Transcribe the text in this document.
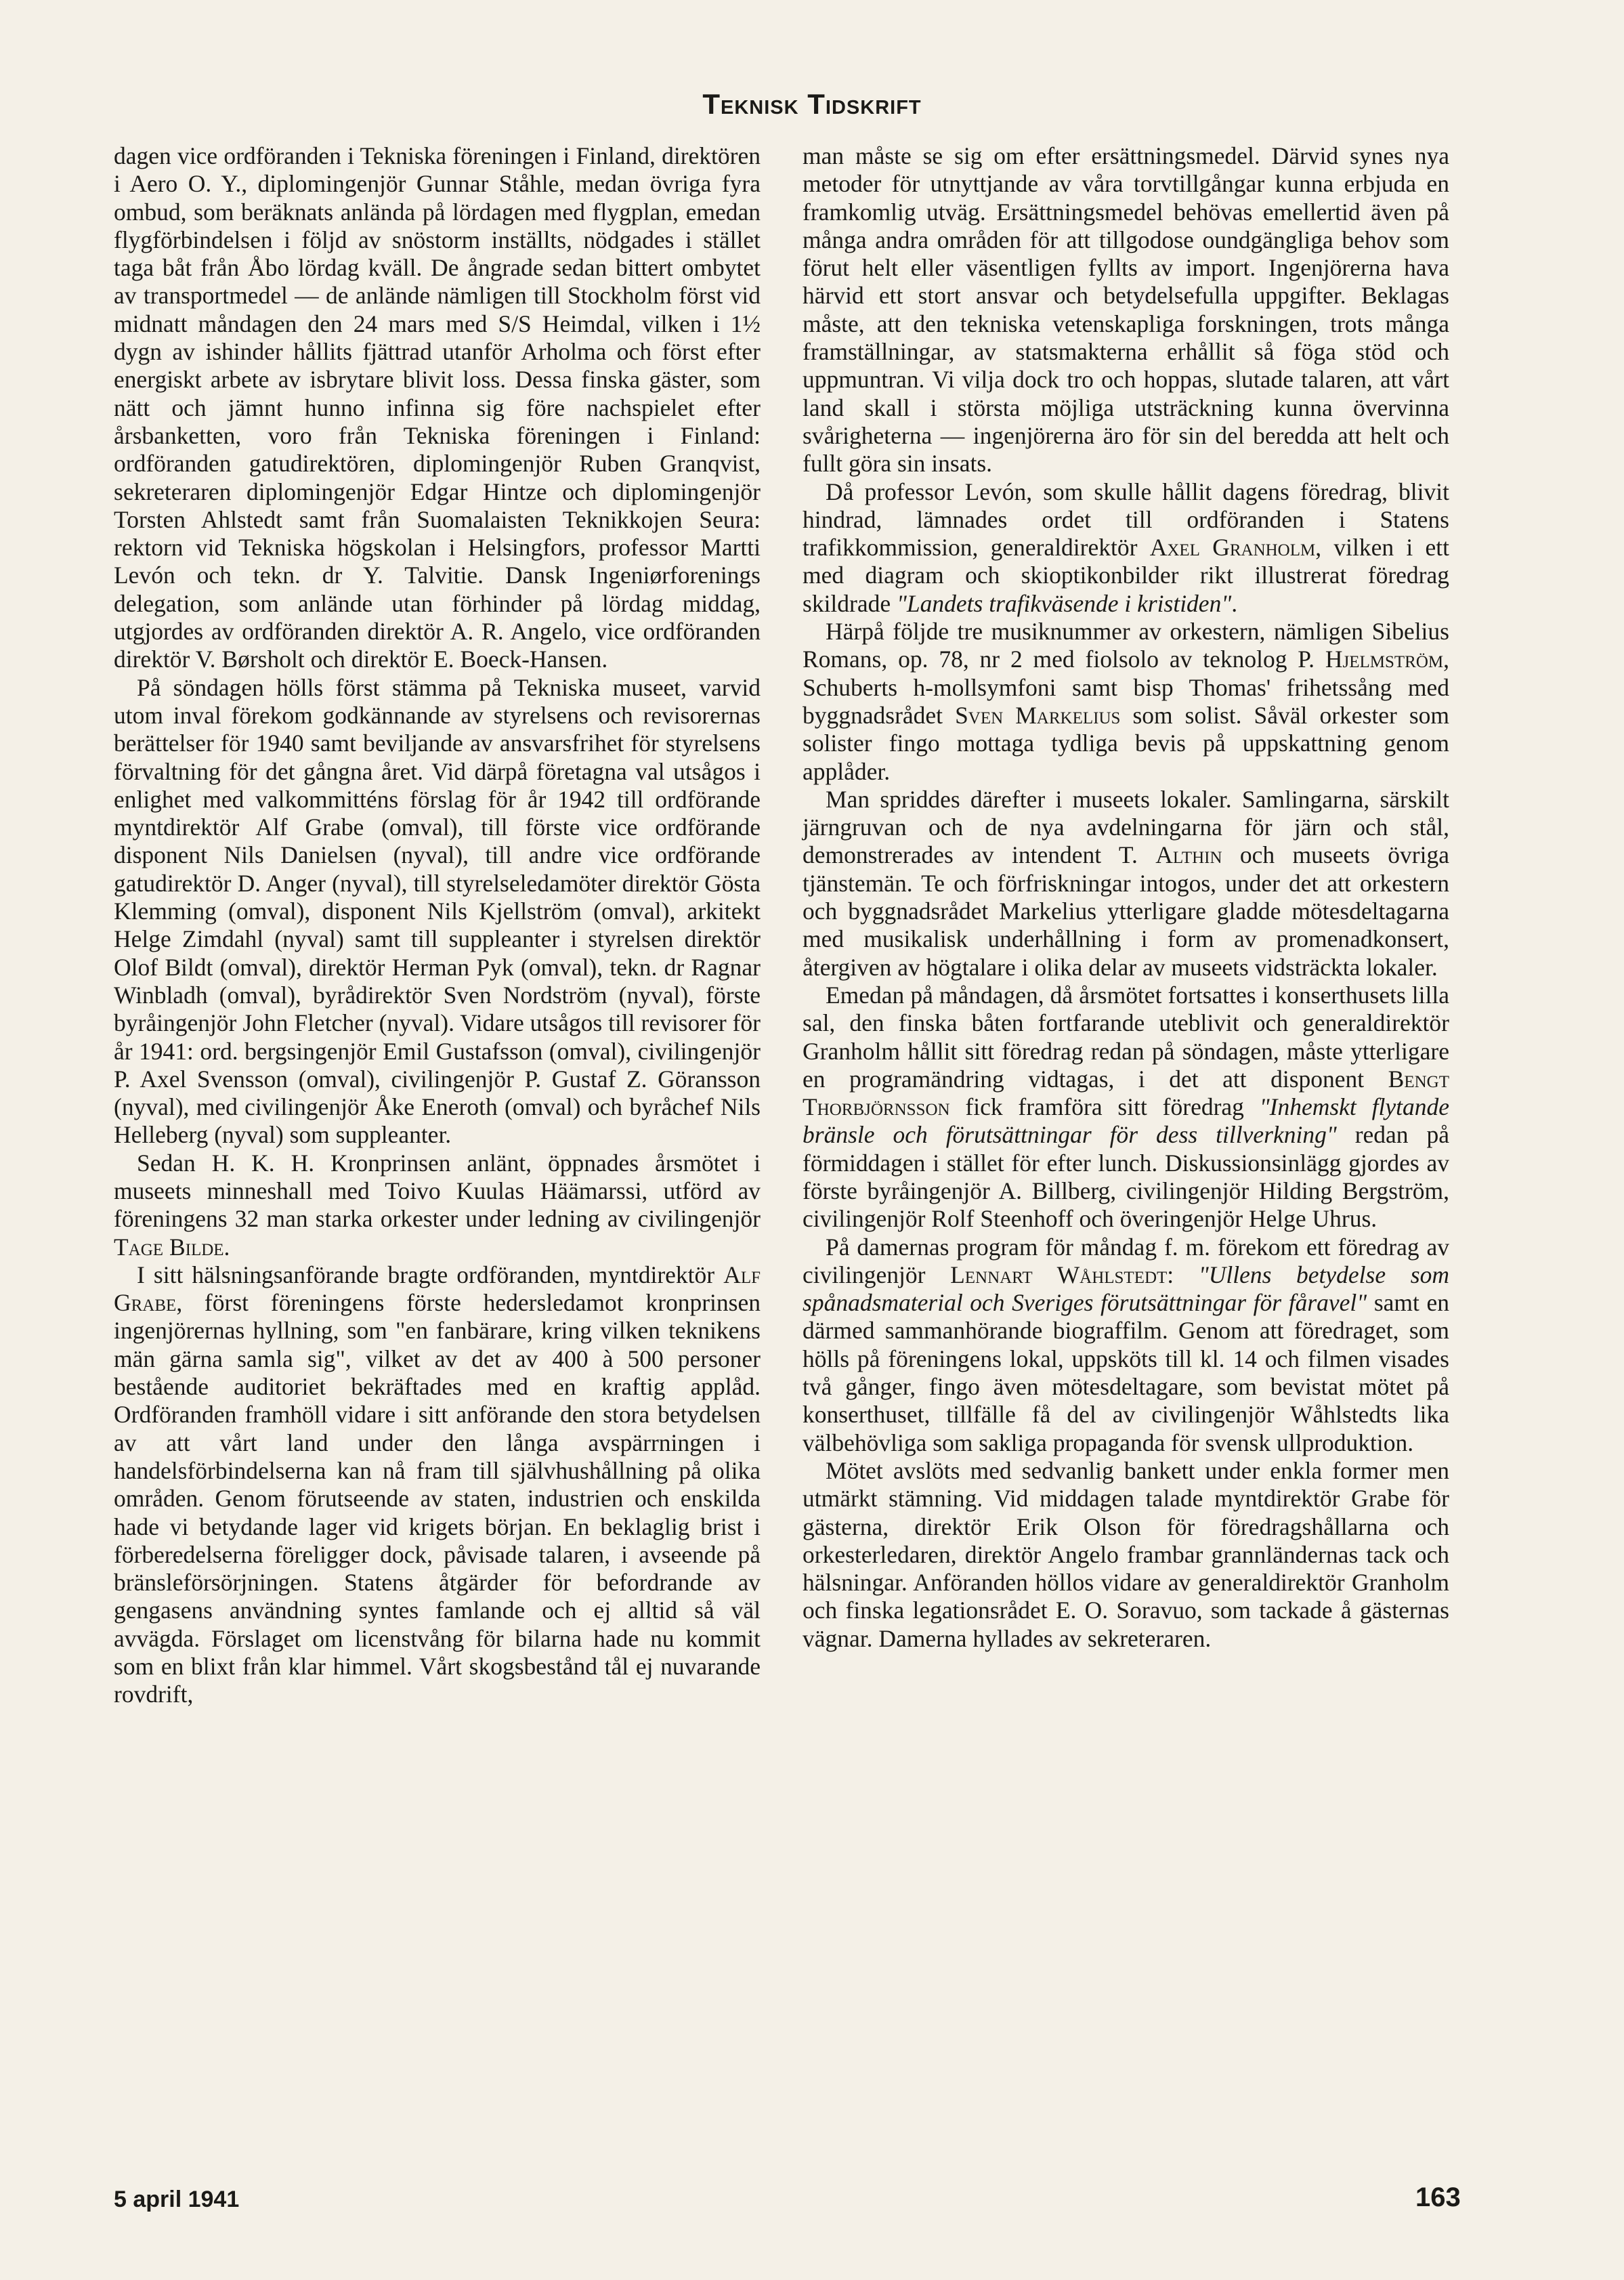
Teknisk Tidskrift

dagen vice ordföranden i Tekniska föreningen i Finland, direktören i Aero O. Y., diplomingenjör Gunnar Ståhle, medan övriga fyra ombud, som beräknats anlända på lördagen med flygplan, emedan flygförbindelsen i följd av snöstorm inställts, nödgades i stället taga båt från Åbo lördag kväll. De ångrade sedan bittert ombytet av transportmedel — de anlände nämligen till Stockholm först vid midnatt måndagen den 24 mars med S/S Heimdal, vilken i 1½ dygn av ishinder hållits fjättrad utanför Arholma och först efter energiskt arbete av isbrytare blivit loss. Dessa finska gäster, som nätt och jämnt hunno infinna sig före nachspielet efter årsbanketten, voro från Tekniska föreningen i Finland: ordföranden gatudirektören, diplomingenjör Ruben Granqvist, sekreteraren diplomingenjör Edgar Hintze och diplomingenjör Torsten Ahlstedt samt från Suomalaisten Teknikkojen Seura: rektorn vid Tekniska högskolan i Helsingfors, professor Martti Levón och tekn. dr Y. Talvitie. Dansk Ingeniørforenings delegation, som anlände utan förhinder på lördag middag, utgjordes av ordföranden direktör A. R. Angelo, vice ordföranden direktör V. Børsholt och direktör E. Boeck-Hansen.

På söndagen hölls först stämma på Tekniska museet, varvid utom inval förekom godkännande av styrelsens och revisorernas berättelser för 1940 samt beviljande av ansvarsfrihet för styrelsens förvaltning för det gångna året. Vid därpå företagna val utsågos i enlighet med valkommitténs förslag för år 1942 till ordförande myntdirektör Alf Grabe (omval), till förste vice ordförande disponent Nils Danielsen (nyval), till andre vice ordförande gatudirektör D. Anger (nyval), till styrelseledamöter direktör Gösta Klemming (omval), disponent Nils Kjellström (omval), arkitekt Helge Zimdahl (nyval) samt till suppleanter i styrelsen direktör Olof Bildt (omval), direktör Herman Pyk (omval), tekn. dr Ragnar Winbladh (omval), byrådirektör Sven Nordström (nyval), förste byråingenjör John Fletcher (nyval). Vidare utsågos till revisorer för år 1941: ord. bergsingenjör Emil Gustafsson (omval), civilingenjör P. Axel Svensson (omval), civilingenjör P. Gustaf Z. Göransson (nyval), med civilingenjör Åke Eneroth (omval) och byråchef Nils Helleberg (nyval) som suppleanter.

Sedan H. K. H. Kronprinsen anlänt, öppnades årsmötet i museets minneshall med Toivo Kuulas Häämarssi, utförd av föreningens 32 man starka orkester under ledning av civilingenjör Tage Bilde.

I sitt hälsningsanförande bragte ordföranden, myntdirektör Alf Grabe, först föreningens förste hedersledamot kronprinsen ingenjörernas hyllning, som "en fanbärare, kring vilken teknikens män gärna samla sig", vilket av det av 400 à 500 personer bestående auditoriet bekräftades med en kraftig applåd. Ordföranden framhöll vidare i sitt anförande den stora betydelsen av att vårt land under den långa avspärrningen i handelsförbindelserna kan nå fram till självhushållning på olika områden. Genom förutseende av staten, industrien och enskilda hade vi betydande lager vid krigets början. En beklaglig brist i förberedelserna föreligger dock, påvisade talaren, i avseende på bränsleförsörjningen. Statens åtgärder för befordrande av gengasens användning syntes famlande och ej alltid så väl avvägda. Förslaget om licenstvång för bilarna hade nu kommit som en blixt från klar himmel. Vårt skogsbestånd tål ej nuvarande rovdrift,

man måste se sig om efter ersättningsmedel. Därvid synes nya metoder för utnyttjande av våra torvtillgångar kunna erbjuda en framkomlig utväg. Ersättningsmedel behövas emellertid även på många andra områden för att tillgodose oundgängliga behov som förut helt eller väsentligen fyllts av import. Ingenjörerna hava härvid ett stort ansvar och betydelsefulla uppgifter. Beklagas måste, att den tekniska vetenskapliga forskningen, trots många framställningar, av statsmakterna erhållit så föga stöd och uppmuntran. Vi vilja dock tro och hoppas, slutade talaren, att vårt land skall i största möjliga utsträckning kunna övervinna svårigheterna — ingenjörerna äro för sin del beredda att helt och fullt göra sin insats.

Då professor Levón, som skulle hållit dagens föredrag, blivit hindrad, lämnades ordet till ordföranden i Statens trafikkommission, generaldirektör Axel Granholm, vilken i ett med diagram och skioptikonbilder rikt illustrerat föredrag skildrade "Landets trafikväsende i kristiden".

Härpå följde tre musiknummer av orkestern, nämligen Sibelius Romans, op. 78, nr 2 med fiolsolo av teknolog P. Hjelmström, Schuberts h-mollsymfoni samt bisp Thomas' frihetssång med byggnadsrådet Sven Markelius som solist. Såväl orkester som solister fingo mottaga tydliga bevis på uppskattning genom applåder.

Man spriddes därefter i museets lokaler. Samlingarna, särskilt järngruvan och de nya avdelningarna för järn och stål, demonstrerades av intendent T. Althin och museets övriga tjänstemän. Te och förfriskningar intogos, under det att orkestern och byggnadsrådet Markelius ytterligare gladde mötesdeltagarna med musikalisk underhållning i form av promenadkonsert, återgiven av högtalare i olika delar av museets vidsträckta lokaler.

Emedan på måndagen, då årsmötet fortsattes i konserthusets lilla sal, den finska båten fortfarande uteblivit och generaldirektör Granholm hållit sitt föredrag redan på söndagen, måste ytterligare en programändring vidtagas, i det att disponent Bengt Thorbjörnsson fick framföra sitt föredrag "Inhemskt flytande bränsle och förutsättningar för dess tillverkning" redan på förmiddagen i stället för efter lunch. Diskussionsinlägg gjordes av förste byråingenjör A. Billberg, civilingenjör Hilding Bergström, civilingenjör Rolf Steenhoff och överingenjör Helge Uhrus.

På damernas program för måndag f. m. förekom ett föredrag av civilingenjör Lennart Wåhlstedt: "Ullens betydelse som spånadsmaterial och Sveriges förutsättningar för fåravel" samt en därmed sammanhörande biograffilm. Genom att föredraget, som hölls på föreningens lokal, uppsköts till kl. 14 och filmen visades två gånger, fingo även mötesdeltagare, som bevistat mötet på konserthuset, tillfälle få del av civilingenjör Wåhlstedts lika välbehövliga som sakliga propaganda för svensk ullproduktion.

Mötet avslöts med sedvanlig bankett under enkla former men utmärkt stämning. Vid middagen talade myntdirektör Grabe för gästerna, direktör Erik Olson för föredragshållarna och orkesterledaren, direktör Angelo frambar grannländernas tack och hälsningar. Anföranden höllos vidare av generaldirektör Granholm och finska legationsrådet E. O. Soravuo, som tackade å gästernas vägnar. Damerna hyllades av sekreteraren.

5 april 1941	163
